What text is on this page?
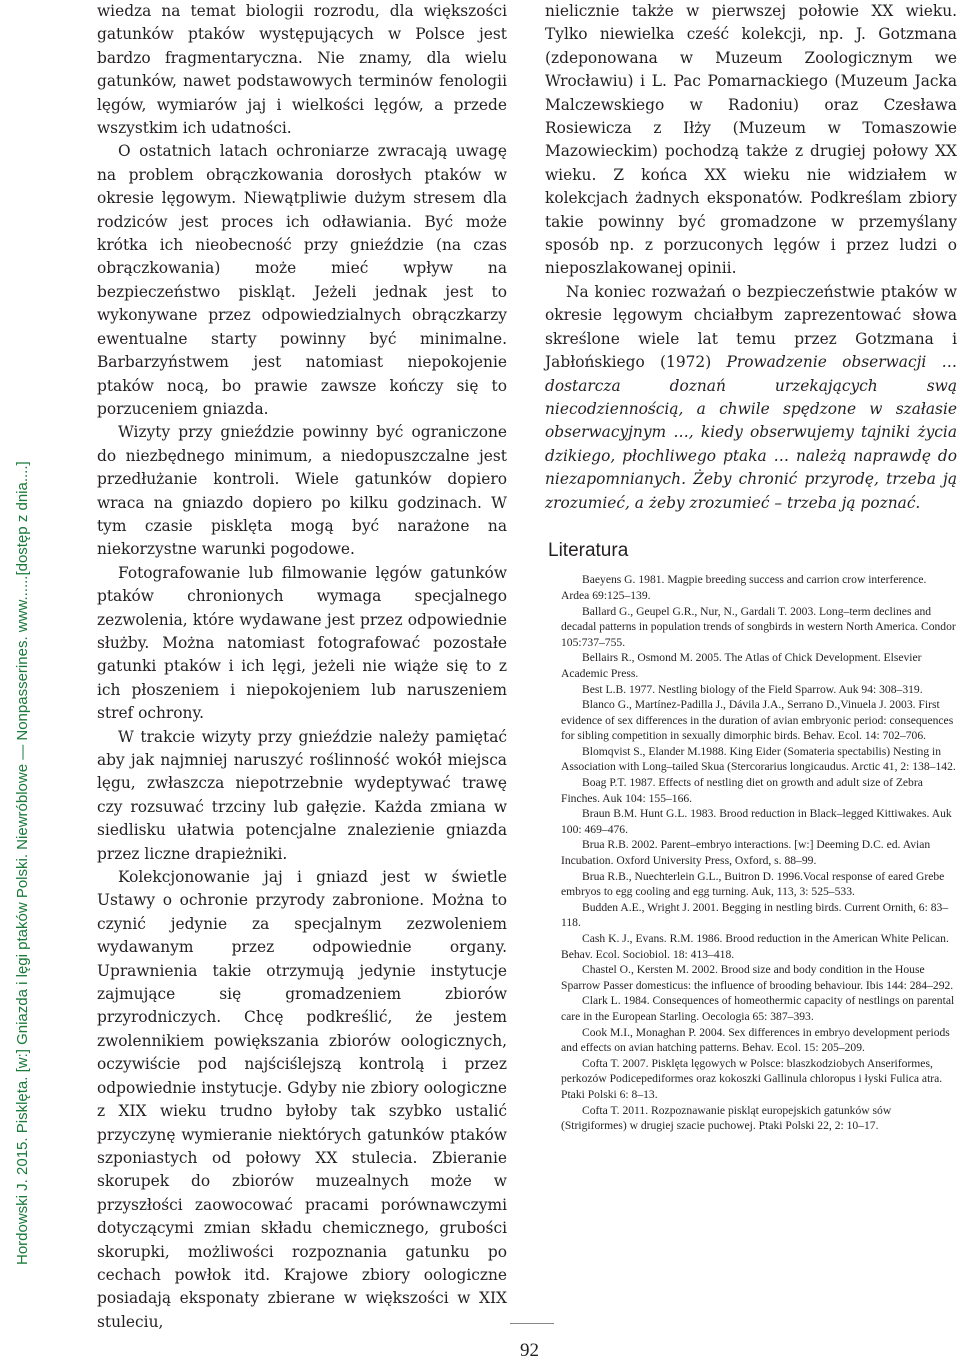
Hordowski J. 2015. Pisklęta. [w:] Gniazda i lęgi ptaków Polski. Niewróblowe — Nonpasserines. www......[dostęp z dnia....]

wiedza na temat biologii rozrodu, dla większości gatunków ptaków występujących w Polsce jest bardzo fragmentaryczna. Nie znamy, dla wielu gatunków, nawet podstawowych terminów fenologii lęgów, wymiarów jaj i wielkości lęgów, a przede wszystkim ich udatności.

O ostatnich latach ochroniarze zwracają uwagę na problem obrączkowania dorosłych ptaków w okresie lęgowym. Niewątpliwie dużym stresem dla rodziców jest proces ich odławiania. Być może krótka ich nieobecność przy gnieździe (na czas obrączkowania) może mieć wpływ na bezpieczeństwo piskląt. Jeżeli jednak jest to wykonywane przez odpowiedzialnych obrączkarzy ewentualne starty powinny być minimalne. Barbarzyństwem jest natomiast niepokojenie ptaków nocą, bo prawie zawsze kończy się to porzuceniem gniazda.

Wizyty przy gnieździe powinny być ograniczone do niezbędnego minimum, a niedopuszczalne jest przedłużanie kontroli. Wiele gatunków dopiero wraca na gniazdo dopiero po kilku godzinach. W tym czasie pisklęta mogą być narażone na niekorzystne warunki pogodowe.

Fotografowanie lub filmowanie lęgów gatunków ptaków chronionych wymaga specjalnego zezwolenia, które wydawane jest przez odpowiednie służby. Można natomiast fotografować pozostałe gatunki ptaków i ich lęgi, jeżeli nie wiąże się to z ich płoszeniem i niepokojeniem lub naruszeniem stref ochrony.

W trakcie wizyty przy gnieździe należy pamiętać aby jak najmniej naruszyć roślinność wokół miejsca lęgu, zwłaszcza niepotrzebnie wydeptywać trawę czy rozsuwać trzciny lub gałęzie. Każda zmiana w siedlisku ułatwia potencjalne znalezienie gniazda przez liczne drapieżniki.

Kolekcjonowanie jaj i gniazd jest w świetle Ustawy o ochronie przyrody zabronione. Można to czynić jedynie za specjalnym zezwoleniem wydawanym przez odpowiednie organy. Uprawnienia takie otrzymują jedynie instytucje zajmujące się gromadzeniem zbiorów przyrodniczych. Chcę podkreślić, że jestem zwolennikiem powiększania zbiorów oologicznych, oczywiście pod najściślejszą kontrolą i przez odpowiednie instytucje. Gdyby nie zbiory oologiczne z XIX wieku trudno byłoby tak szybko ustalić przyczynę wymieranie niektórych gatunków ptaków szponiastych od połowy XX stulecia. Zbieranie skorupek do zbiorów muzealnych może w przyszłości zaowocować pracami porównawczymi dotyczącymi zmian składu chemicznego, grubości skorupki, możliwości rozpoznania gatunku po cechach powłok itd. Krajowe zbiory oologiczne posiadają eksponaty zbierane w większości w XIX stuleciu,

nielicznie także w pierwszej połowie XX wieku. Tylko niewielka cześć kolekcji, np. J. Gotzmana (zdeponowana w Muzeum Zoologicznym we Wrocławiu) i L. Pac Pomarnackiego (Muzeum Jacka Malczewskiego w Radoniu) oraz Czesława Rosiewicza z Iłży (Muzeum w Tomaszowie Mazowieckim) pochodzą także z drugiej połowy XX wieku. Z końca XX wieku nie widziałem w kolekcjach żadnych eksponatów. Podkreślam zbiory takie powinny być gromadzone w przemyślany sposób np. z porzuconych lęgów i przez ludzi o nieposzlakowanej opinii.

Na koniec rozważań o bezpieczeństwie ptaków w okresie lęgowym chciałbym zaprezentować słowa skreślone wiele lat temu przez Gotzmana i Jabłońskiego (1972) Prowadzenie obserwacji … dostarcza doznań urzekających swą niecodziennością, a chwile spędzone w szałasie obserwacyjnym …, kiedy obserwujemy tajniki życia dzikiego, płochliwego ptaka … należą naprawdę do niezapomnianych. Żeby chronić przyrodę, trzeba ją zrozumieć, a żeby zrozumieć – trzeba ją poznać.

Literatura

Baeyens G. 1981. Magpie breeding success and carrion crow interference. Ardea 69:125–139.

Ballard G., Geupel G.R., Nur, N., Gardali T. 2003. Long–term declines and decadal patterns in population trends of songbirds in western North America. Condor 105:737–755.

Bellairs R., Osmond M. 2005. The Atlas of Chick Development. Elsevier Academic Press.

Best L.B. 1977. Nestling biology of the Field Sparrow. Auk 94: 308–319.

Blanco G., Martínez-Padilla J., Dávila J.A., Serrano D.,Vinuela J. 2003. First evidence of sex differences in the duration of avian embryonic period: consequences for sibling competition in sexually dimorphic birds. Behav. Ecol. 14: 702–706.

Blomqvist S., Elander M.1988. King Eider (Somateria spectabilis) Nesting in Association with Long–tailed Skua (Stercorarius longicaudus. Arctic 41, 2: 138–142.

Boag P.T. 1987. Effects of nestling diet on growth and adult size of Zebra Finches. Auk 104: 155–166.

Braun B.M. Hunt G.L. 1983. Brood reduction in Black–legged Kittiwakes. Auk 100: 469–476.

Brua R.B. 2002. Parent–embryo interactions. [w:] Deeming D.C. ed. Avian Incubation. Oxford University Press, Oxford, s. 88–99.

Brua R.B., Nuechterlein G.L., Buitron D. 1996.Vocal response of eared Grebe embryos to egg cooling and egg turning. Auk, 113, 3: 525–533.

Budden A.E., Wright J. 2001. Begging in nestling birds. Current Ornith, 6: 83–118.

Cash K. J., Evans. R.M. 1986. Brood reduction in the American White Pelican. Behav. Ecol. Sociobiol. 18: 413–418.

Chastel O., Kersten M. 2002. Brood size and body condition in the House Sparrow Passer domesticus: the influence of brooding behaviour. Ibis 144: 284–292.

Clark L. 1984. Consequences of homeothermic capacity of nestlings on parental care in the European Starling. Oecologia 65: 387–393.

Cook M.I., Monaghan P. 2004. Sex differences in embryo development periods and effects on avian hatching patterns. Behav. Ecol. 15: 205–209.

Cofta T. 2007. Pisklęta lęgowych w Polsce: blaszkodziobych Anseriformes, perkozów Podicepediformes oraz kokoszki Gallinula chloropus i łyski Fulica atra. Ptaki Polski 6: 8–13.

Cofta T. 2011. Rozpoznawanie piskląt europejskich gatunków sów (Strigiformes) w drugiej szacie puchowej. Ptaki Polski 22, 2: 10–17.

92
